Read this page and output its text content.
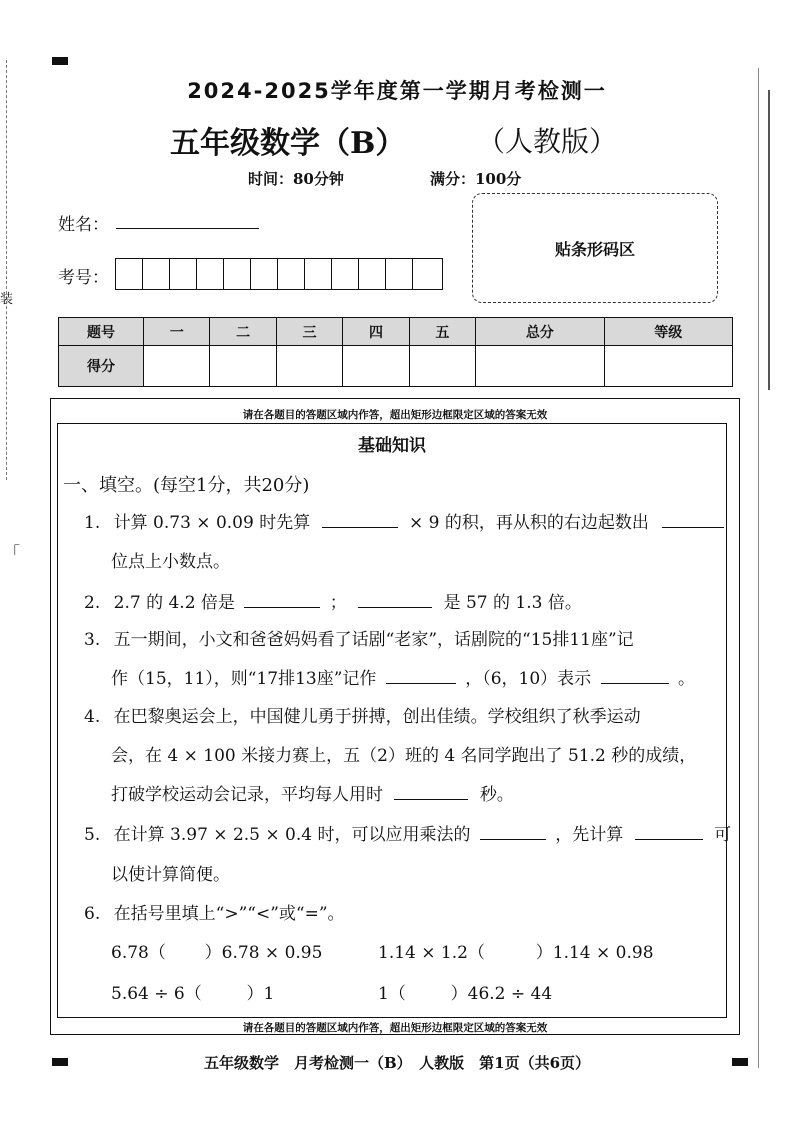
装
「
2024-2025学年度第一学期月考检测一
五年级数学（B）	（人教版）
时间：80分钟	满分：100分
姓名：
考号：
贴条形码区
题号	一	二	三	四	五	总分	等级
得分							
请在各题目的答题区域内作答，超出矩形边框限定区域的答案无效
请在各题目的答题区域内作答，超出矩形边框限定区域的答案无效
基础知识
一、填空。(每空1分，共20分)
1. 计算 0.73 × 0.09 时先算	× 9 的积，再从积的右边起数出
位点上小数点。
2. 2.7 的 4.2 倍是	；	是 57 的 1.3 倍。
3. 五一期间，小文和爸爸妈妈看了话剧“老家”，话剧院的“15排11座”记
作（15，11），则“17排13座”记作	，（6，10）表示	。
4. 在巴黎奥运会上，中国健儿勇于拼搏，创出佳绩。学校组织了秋季运动
会，在 4 × 100 米接力赛上，五（2）班的 4 名同学跑出了 51.2 秒的成绩，
打破学校运动会记录，平均每人用时	秒。
5. 在计算 3.97 × 2.5 × 0.4 时，可以应用乘法的	，先计算	可
以使计算简便。
6. 在括号里填上“>”“<”或“=”。
6.78（ ）6.78 × 0.95	1.14 × 1.2（	）1.14 × 0.98
5.64 ÷ 6（	）1	1（	）46.2 ÷ 44
五年级数学　月考检测一（B）　人教版　第1页（共6页）
